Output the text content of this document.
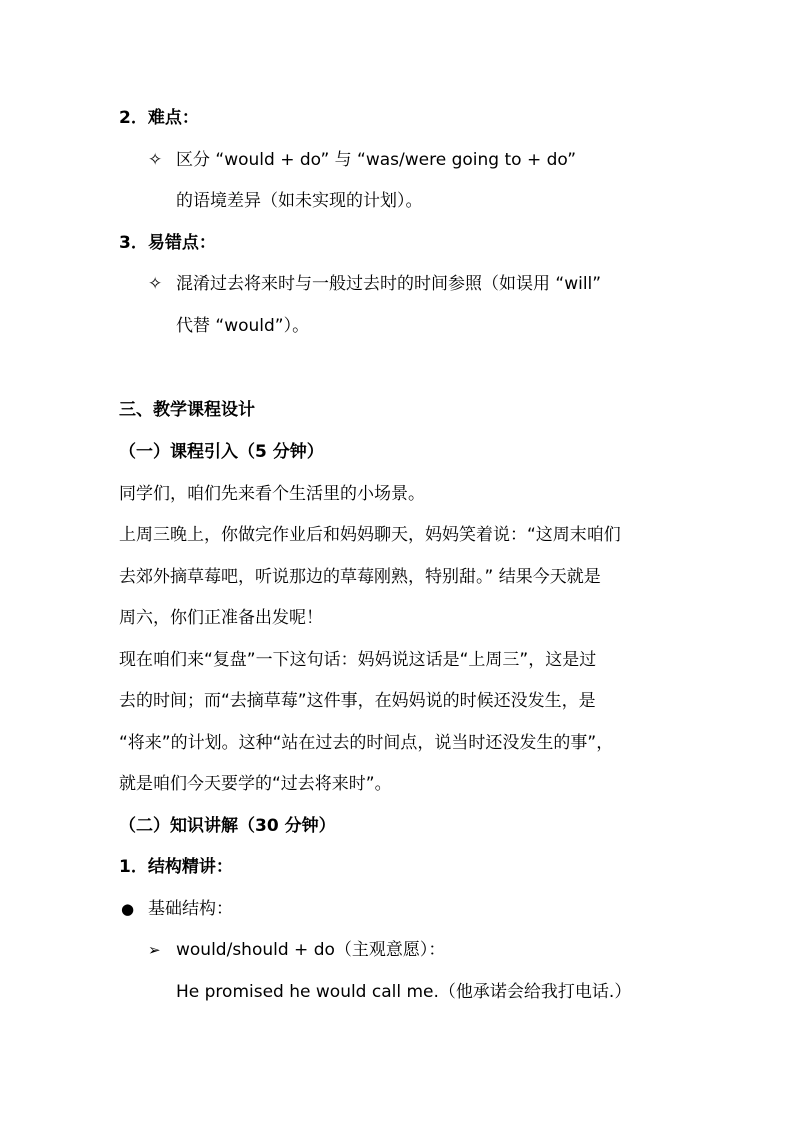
2．难点：
✧ 区分 “would + do” 与 “was/were going to + do”
的语境差异（如未实现的计划）。
3．易错点：
✧ 混淆过去将来时与一般过去时的时间参照（如误用 “will”
代替 “would”）。
三、教学课程设计
（一）课程引入（5 分钟）
同学们，咱们先来看个生活里的小场景。
上周三晚上，你做完作业后和妈妈聊天，妈妈笑着说：“这周末咱们
去郊外摘草莓吧，听说那边的草莓刚熟，特别甜。” 结果今天就是
周六，你们正准备出发呢！
现在咱们来“复盘”一下这句话：妈妈说这话是“上周三”，这是过
去的时间；而“去摘草莓”这件事，在妈妈说的时候还没发生，是
“将来”的计划。这种“站在过去的时间点，说当时还没发生的事”，
就是咱们今天要学的“过去将来时”。
（二）知识讲解（30 分钟）
1．结构精讲：
● 基础结构：
➢ would/should + do（主观意愿）：
He promised he would call me.（他承诺会给我打电话.）
